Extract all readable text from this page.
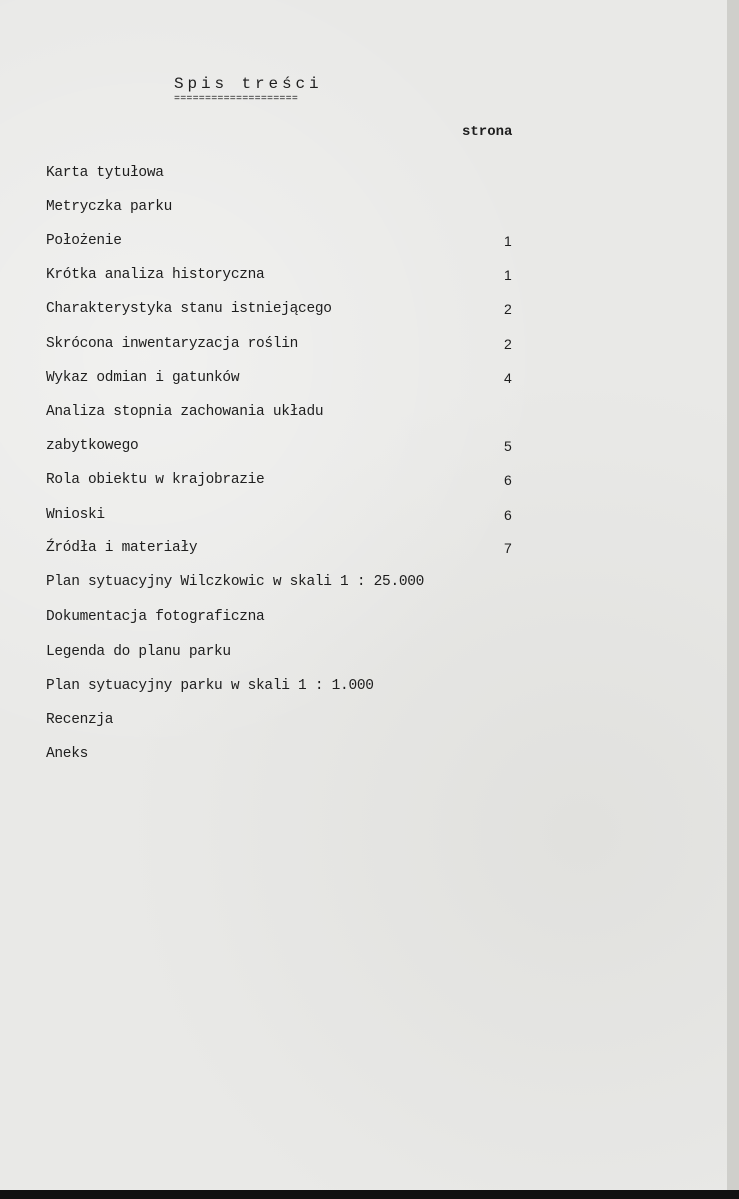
Spis treści
====================
strona
Karta tytułowa
Metryczka parku
Położenie	1
Krótka analiza historyczna	1
Charakterystyka stanu istniejącego	2
Skrócona inwentaryzacja roślin	2
Wykaz odmian i gatunków	4
Analiza stopnia zachowania układu
zabytkowego	5
Rola obiektu w krajobrazie	6
Wnioski	6
Źródła i materiały	7
Plan sytuacyjny Wilczkowic w skali 1 : 25.000
Dokumentacja fotograficzna
Legenda do planu parku
Plan sytuacyjny parku w skali 1 : 1.000
Recenzja
Aneks
